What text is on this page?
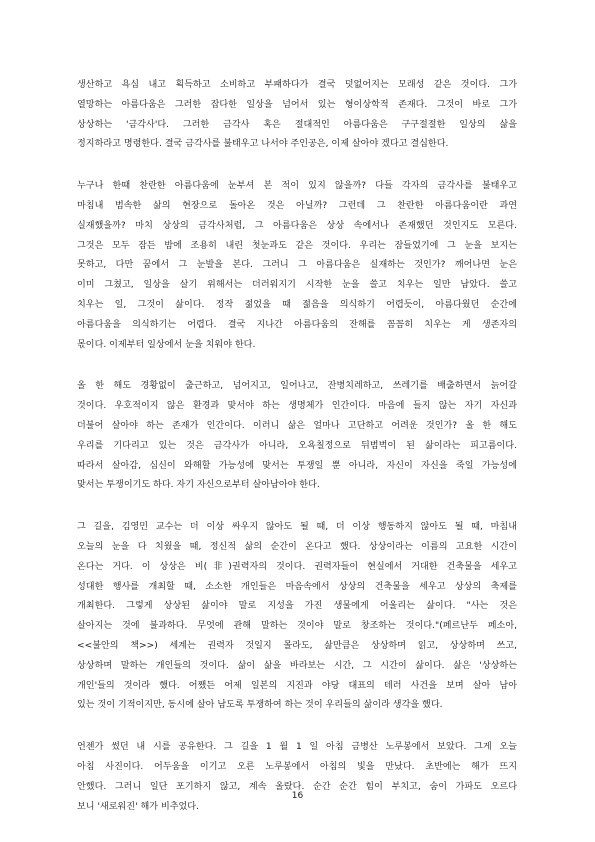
생산하고 욕심 내고 획득하고 소비하고 부패하다가 결국 덧없어지는 모래성 같은 것이다. 그가
열망하는 아름다움은 그러한 잡다한 일상을 넘어서 있는 형이상학적 존재다. 그것이 바로 그가
상상하는 '금각사'다. 그러한 금각사 혹은 절대적인 아름다움은 구구절절한 일상의 삶을
정지하라고 명령한다. 결국 금각사를 불태우고 나서야 주인공은, 이제 살아야 겠다고 결심한다.
누구나 한때 찬란한 아름다움에 눈부셔 본 적이 있지 않을까? 다들 각자의 금각사를 불태우고
마침내 범속한 삶의 현장으로 돌아온 것은 아닐까? 그런데 그 찬란한 아름다움이란 과연
실재했을까? 마치 상상의 금각사처럼, 그 아름다움은 상상 속에서나 존재했던 것인지도 모른다.
그것은 모두 잠든 밤에 조용히 내린 첫눈과도 같은 것이다. 우리는 잠들었기에 그 눈을 보지는
못하고, 다만 꿈에서 그 눈발을 본다. 그러니 그 아름다움은 실재하는 것인가? 깨어나면 눈은
이미 그쳤고, 일상을 살기 위해서는 더러워지기 시작한 눈을 쓸고 치우는 일만 남았다. 쓸고
치우는 일, 그것이 삶이다. 정작 젊었을 때 젊음을 의식하기 어렵듯이, 아름다웠던 순간에
아름다움을 의식하기는 어렵다. 결국 지나간 아름다움의 잔해를 꼼꼼히 치우는 게 생존자의
몫이다. 이제부터 일상에서 눈을 치워야 한다.
올 한 해도 경황없이 출근하고, 넘어지고, 일어나고, 잔병치레하고, 쓰레기를 배출하면서 늙어갈
것이다. 우호적이지 않은 환경과 맞서야 하는 생명체가 인간이다. 마음에 들지 않는 자기 자신과
더불어 살아야 하는 존재가 인간이다. 이러니 삶은 얼마나 고단하고 어려운 것인가? 올 한 해도
우리를 기다리고 있는 것은 금각사가 아니라, 오욕칠정으로 뒤범벅이 된 삶이라는 피고름이다.
따라서 살아감, 심신이 와해할 가능성에 맞서는 투쟁일 뿐 아니라, 자신이 자신을 죽일 가능성에
맞서는 투쟁이기도 하다. 자기 자신으로부터 살아남아야 한다.
그 길을, 김영민 교수는 더 이상 싸우지 않아도 될 때, 더 이상 행동하지 않아도 될 때, 마침내
오늘의 눈을 다 치웠을 때, 정신적 삶의 순간이 온다고 했다. 상상이라는 이름의 고요한 시간이
온다는 거다. 이 상상은 비(非)권력자의 것이다. 권력자들이 현실에서 거대한 건축물을 세우고
성대한 행사를 개최할 때, 소소한 개인들은 마음속에서 상상의 건축물을 세우고 상상의 축제를
개최한다. 그렇게 상상된 삶이야 말로 지성을 가진 생물에게 어울리는 삶이다. "사는 것은
살아지는 것에 불과하다. 무엇에 관해 말하는 것이야 말로 창조하는 것이다."(페르난두 페소아,
<<불안의 책>>) 세계는 권력자 것일지 몰라도, 삶만큼은 상상하며 읽고, 상상하며 쓰고,
상상하며 말하는 개인들의 것이다. 삶이 삶을 바라보는 시간, 그 시간이 삶이다. 삶은 '상상하는
개인'들의 것이라 했다. 어쨌든 어제 일본의 지진과 야당 대표의 테러 사건을 보며 살아 남아
있는 것이 기적이지만, 동시에 살아 남도록 투쟁하여 하는 것이 우리들의 삶이라 생각을 했다.
언젠가 썼던 내 시를 공유한다. 그 길을 1 월 1 일 아침 금병산 노루봉에서 보았다. 그게 오늘
아침 사진이다. 어두움을 이기고 오른 노루봉에서 아침의 빛을 만났다. 초반에는 해가 뜨지
안했다. 그러니 일단 포기하지 않고, 계속 올랐다. 순간 순간 힘이 부치고, 숨이 가파도 오르다
보니 '새로워진' 해가 비추었다.
16
